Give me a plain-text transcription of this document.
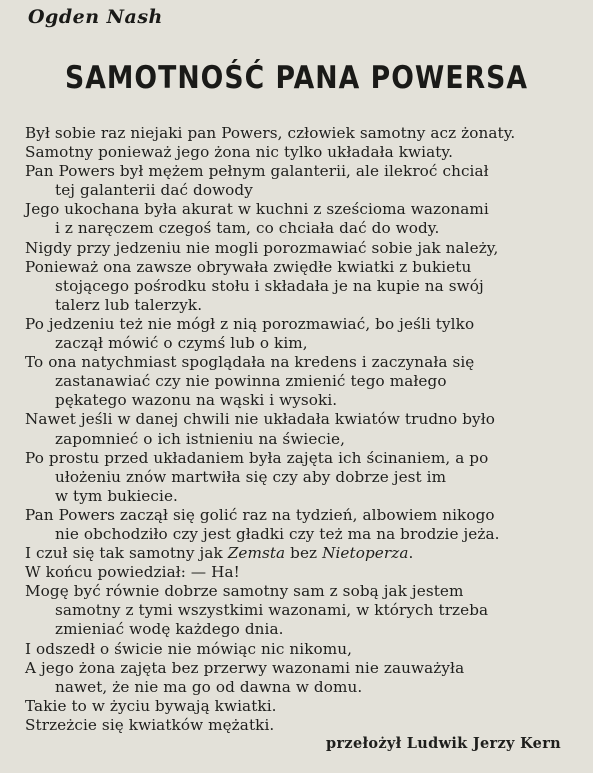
Ogden Nash
SAMOTNOŚĆ PANA POWERSA
Był sobie raz niejaki pan Powers, człowiek samotny acz żonaty.
Samotny ponieważ jego żona nic tylko układała kwiaty.
Pan Powers był mężem pełnym galanterii, ale ilekroć chciał
tej galanterii dać dowody
Jego ukochana była akurat w kuchni z sześcioma wazonami
i z naręczem czegoś tam, co chciała dać do wody.
Nigdy przy jedzeniu nie mogli porozmawiać sobie jak należy,
Ponieważ ona zawsze obrywała zwiędłe kwiatki z bukietu
stojącego pośrodku stołu i składała je na kupie na swój
talerz lub talerzyk.
Po jedzeniu też nie mógł z nią porozmawiać, bo jeśli tylko
zaczął mówić o czymś lub o kim,
To ona natychmiast spoglądała na kredens i zaczynała się
zastanawiać czy nie powinna zmienić tego małego
pękatego wazonu na wąski i wysoki.
Nawet jeśli w danej chwili nie układała kwiatów trudno było
zapomnieć o ich istnieniu na świecie,
Po prostu przed układaniem była zajęta ich ścinaniem, a po
ułożeniu znów martwiła się czy aby dobrze jest im
w tym bukiecie.
Pan Powers zaczął się golić raz na tydzień, albowiem nikogo
nie obchodziło czy jest gładki czy też ma na brodzie jeża.
I czuł się tak samotny jak Zemsta bez Nietoperza.
W końcu powiedział: — Ha!
Mogę być równie dobrze samotny sam z sobą jak jestem
samotny z tymi wszystkimi wazonami, w których trzeba
zmieniać wodę każdego dnia.
I odszedł o świcie nie mówiąc nic nikomu,
A jego żona zajęta bez przerwy wazonami nie zauważyła
nawet, że nie ma go od dawna w domu.
Takie to w życiu bywają kwiatki.
Strzeżcie się kwiatków mężatki.
przełożył Ludwik Jerzy Kern
